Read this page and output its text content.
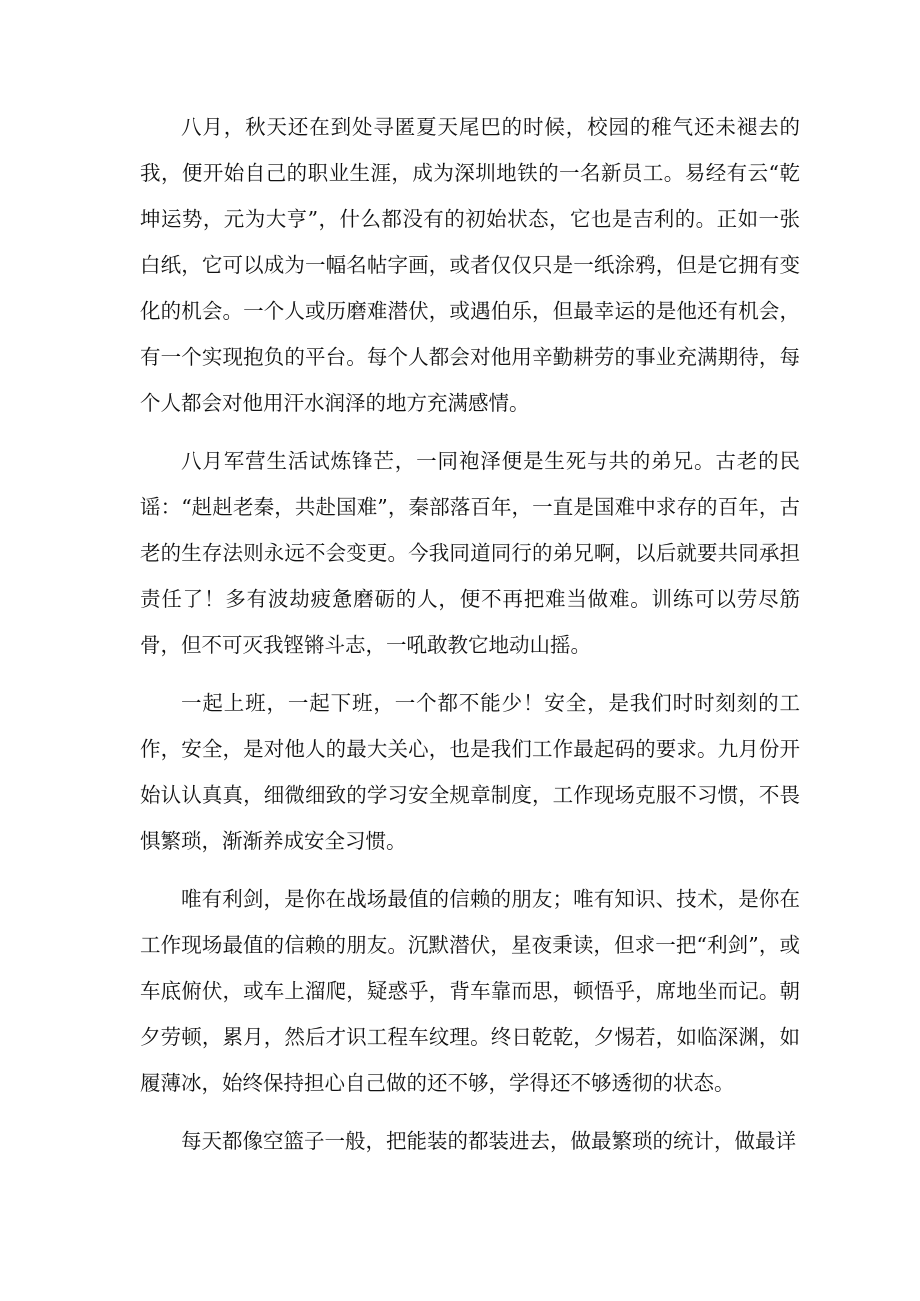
八月，秋天还在到处寻匿夏天尾巴的时候，校园的稚气还未褪去的我，便开始自己的职业生涯，成为深圳地铁的一名新员工。易经有云“乾坤运势，元为大亨”，什么都没有的初始状态，它也是吉利的。正如一张白纸，它可以成为一幅名帖字画，或者仅仅只是一纸涂鸦，但是它拥有变化的机会。一个人或历磨难潜伏，或遇伯乐，但最幸运的是他还有机会，有一个实现抱负的平台。每个人都会对他用辛勤耕劳的事业充满期待，每个人都会对他用汗水润泽的地方充满感情。

八月军营生活试炼锋芒，一同袍泽便是生死与共的弟兄。古老的民谣：“赳赳老秦，共赴国难”，秦部落百年，一直是国难中求存的百年，古老的生存法则永远不会变更。今我同道同行的弟兄啊，以后就要共同承担责任了！多有波劫疲惫磨砺的人，便不再把难当做难。训练可以劳尽筋骨，但不可灭我铿锵斗志，一吼敢教它地动山摇。

一起上班，一起下班，一个都不能少！安全，是我们时时刻刻的工作，安全，是对他人的最大关心，也是我们工作最起码的要求。九月份开始认认真真，细微细致的学习安全规章制度，工作现场克服不习惯，不畏惧繁琐，渐渐养成安全习惯。

唯有利剑，是你在战场最值的信赖的朋友；唯有知识、技术，是你在工作现场最值的信赖的朋友。沉默潜伏，星夜秉读，但求一把“利剑”，或车底俯伏，或车上溜爬，疑惑乎，背车靠而思，顿悟乎，席地坐而记。朝夕劳顿，累月，然后才识工程车纹理。终日乾乾，夕惕若，如临深渊，如履薄冰，始终保持担心自己做的还不够，学得还不够透彻的状态。

每天都像空篮子一般，把能装的都装进去，做最繁琐的统计，做最详
